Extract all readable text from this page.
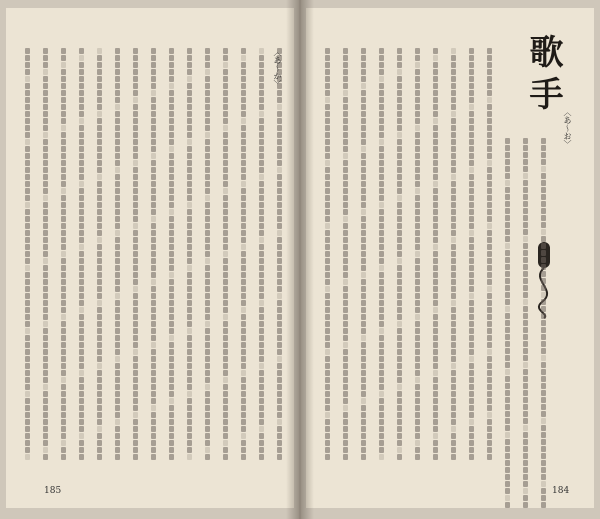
〈あ～か〉
185
歌手
〈あ～お〉
184
